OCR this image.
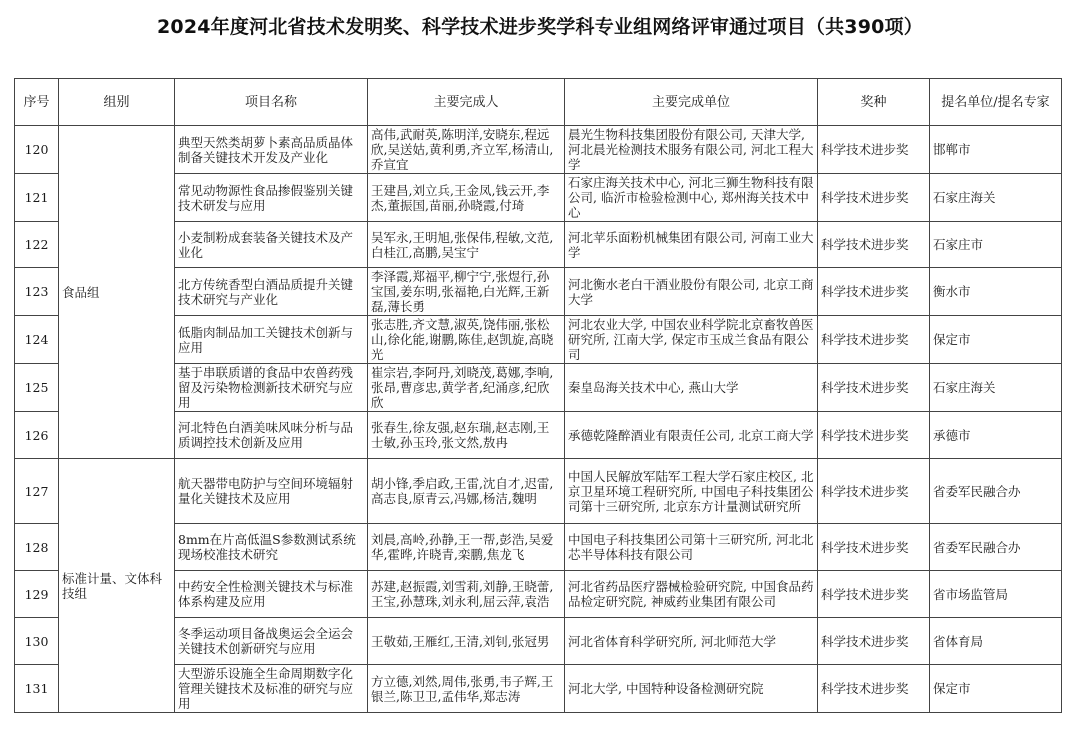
2024年度河北省技术发明奖、科学技术进步奖学科专业组网络评审通过项目（共390项）
序号	组别	项目名称	主要完成人	主要完成单位	奖种	提名单位/提名专家
120	食品组	典型天然类胡萝卜素高品质晶体制备关键技术开发及产业化	高伟,武耐英,陈明洋,安晓东,程远欣,吴送姑,黄利勇,齐立军,杨清山,乔宣宜	晨光生物科技集团股份有限公司, 天津大学, 河北晨光检测技术服务有限公司, 河北工程大学	科学技术进步奖	邯郸市
121		常见动物源性食品掺假鉴别关键技术研发与应用	王建昌,刘立兵,王金凤,钱云开,李杰,董振国,苗丽,孙晓霞,付琦	石家庄海关技术中心, 河北三狮生物科技有限公司, 临沂市检验检测中心, 郑州海关技术中心	科学技术进步奖	石家庄海关
122		小麦制粉成套装备关键技术及产业化	吴军永,王明旭,张保伟,程敏,文范,白桂江,高鹏,吴宝宁	河北苹乐面粉机械集团有限公司, 河南工业大学	科学技术进步奖	石家庄市
123		北方传统香型白酒品质提升关键技术研究与产业化	李泽霞,郑福平,柳宁宁,张煜行,孙宝国,姜东明,张福艳,白光辉,王新磊,薄长勇	河北衡水老白干酒业股份有限公司, 北京工商大学	科学技术进步奖	衡水市
124		低脂肉制品加工关键技术创新与应用	张志胜,齐文慧,淑英,饶伟丽,张松山,徐化能,谢鹏,陈佳,赵凯旋,高晓光	河北农业大学, 中国农业科学院北京畜牧兽医研究所, 江南大学, 保定市玉成兰食品有限公司	科学技术进步奖	保定市
125		基于串联质谱的食品中农兽药残留及污染物检测新技术研究与应用	崔宗岩,李阿丹,刘晓茂,葛娜,李响,张昂,曹彦忠,黄学者,纪涌彦,纪欣欣	秦皇岛海关技术中心, 燕山大学	科学技术进步奖	石家庄海关
126		河北特色白酒美味风味分析与品质调控技术创新及应用	张春生,徐友强,赵东瑞,赵志刚,王士敏,孙玉玲,张文然,敖冉	承德乾隆醉酒业有限责任公司, 北京工商大学	科学技术进步奖	承德市
127	标准计量、文体科技组	航天器带电防护与空间环境辐射量化关键技术及应用	胡小锋,季启政,王雷,沈自才,迟雷,高志良,原青云,冯娜,杨洁,魏明	中国人民解放军陆军工程大学石家庄校区, 北京卫星环境工程研究所, 中国电子科技集团公司第十三研究所, 北京东方计量测试研究所	科学技术进步奖	省委军民融合办
128		8mm在片高低温S参数测试系统现场校准技术研究	刘晨,高岭,孙静,王一帮,彭浩,吴爱华,霍晔,许晓青,栾鹏,焦龙飞	中国电子科技集团公司第十三研究所, 河北北芯半导体科技有限公司	科学技术进步奖	省委军民融合办
129		中药安全性检测关键技术与标准体系构建及应用	苏建,赵振霞,刘雪莉,刘静,王晓蕾,王宝,孙慧珠,刘永利,屈云萍,袁浩	河北省药品医疗器械检验研究院, 中国食品药品检定研究院, 神威药业集团有限公司	科学技术进步奖	省市场监管局
130		冬季运动项目备战奥运会全运会关键技术创新研究与应用	王敬茹,王雁红,王清,刘钊,张冠男	河北省体育科学研究所, 河北师范大学	科学技术进步奖	省体育局
131		大型游乐设施全生命周期数字化管理关键技术及标准的研究与应用	方立德,刘然,周伟,张勇,韦子辉,王银兰,陈卫卫,孟伟华,郑志涛	河北大学, 中国特种设备检测研究院	科学技术进步奖	保定市
